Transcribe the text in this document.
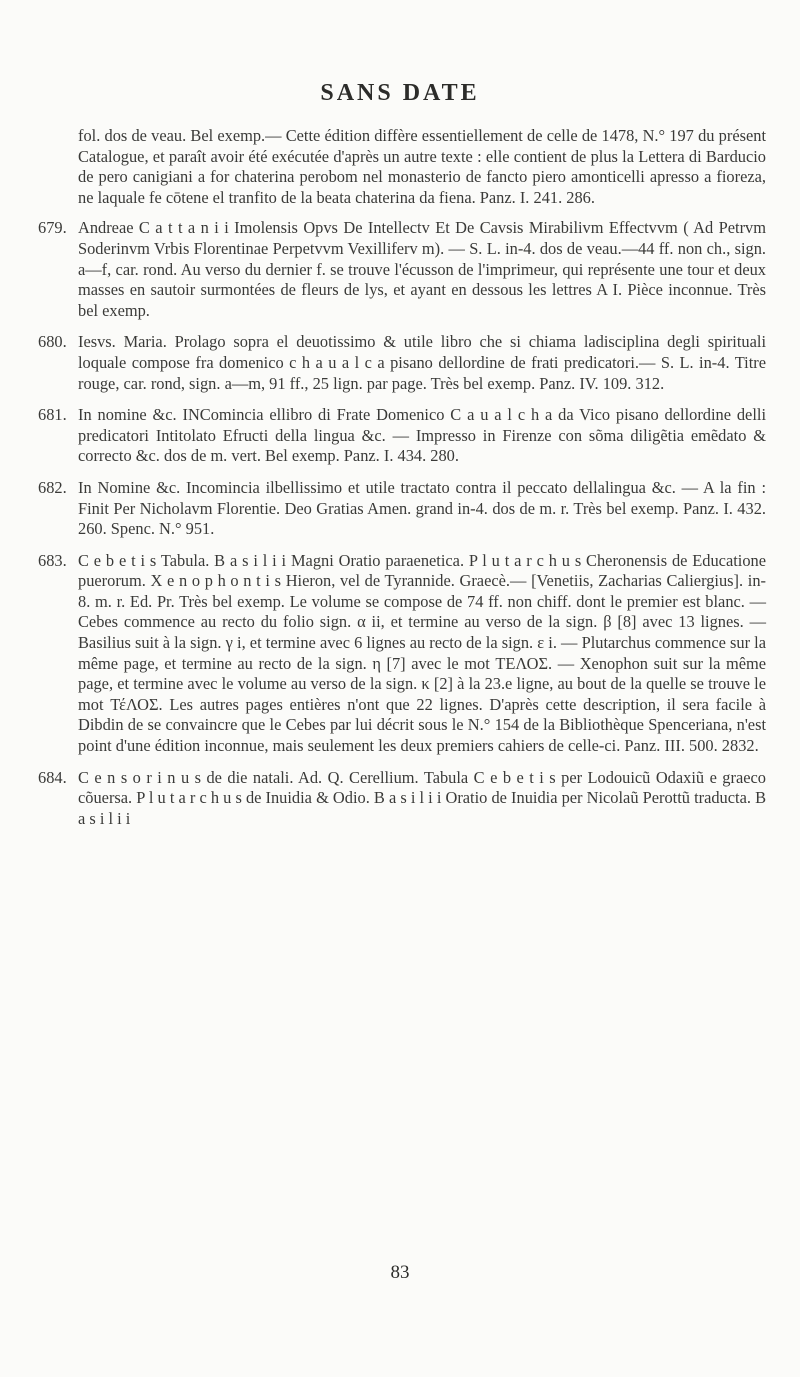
SANS DATE
fol. dos de veau. Bel exemp.— Cette édition diffère essentiellement de celle de 1478, N.° 197 du présent Catalogue, et paraît avoir été exécutée d'après un autre texte : elle contient de plus la Lettera di Barducio de pero canigiani a for chaterina perobom nel monasterio de fancto piero amonticelli apresso a fioreza, ne laquale fe cōtene el tranfito de la beata chaterina da fiena. Panz. I. 241. 286.
679. Andreae C a t t a n i i Imolensis Opvs De Intellectv Et De Cavsis Mirabilivm Effectvvm ( Ad Petrvm Soderinvm Vrbis Florentinae Perpetvvm Vexilliferv m). — S. L. in-4. dos de veau.—44 ff. non ch., sign. a—f, car. rond. Au verso du dernier f. se trouve l'écusson de l'imprimeur, qui représente une tour et deux masses en sautoir surmontées de fleurs de lys, et ayant en dessous les lettres A I. Pièce inconnue. Très bel exemp.
680. Iesvs. Maria. Prolago sopra el deuotissimo & utile libro che si chiama ladisciplina degli spirituali loquale compose fra domenico c h a u a l c a pisano dellordine de frati predicatori.— S. L. in-4. Titre rouge, car. rond, sign. a—m, 91 ff., 25 lign. par page. Très bel exemp. Panz. IV. 109. 312.
681. In nomine &c. INComincia ellibro di Frate Domenico C a u a l c h a da Vico pisano dellordine delli predicatori Intitolato Efructi della lingua &c. — Impresso in Firenze con sõma diligẽtia emẽdato & correcto &c. dos de m. vert. Bel exemp. Panz. I. 434. 280.
682. In Nomine &c. Incomincia ilbellissimo et utile tractato contra il peccato dellalingua &c. — A la fin : Finit Per Nicholavm Florentie. Deo Gratias Amen. grand in-4. dos de m. r. Très bel exemp. Panz. I. 432. 260. Spenc. N.° 951.
683. C e b e t i s Tabula. B a s i l i i Magni Oratio paraenetica. P l u t a r c h u s Cheronensis de Educatione puerorum. X e n o p h o n t i s Hieron, vel de Tyrannide. Graecè.— [Venetiis, Zacharias Caliergius]. in-8. m. r. Ed. Pr. Très bel exemp. Le volume se compose de 74 ff. non chiff. dont le premier est blanc. — Cebes commence au recto du folio sign. α ii, et termine au verso de la sign. β [8] avec 13 lignes. — Basilius suit à la sign. γ i, et termine avec 6 lignes au recto de la sign. ε i. — Plutarchus commence sur la même page, et termine au recto de la sign. η [7] avec le mot ΤΕΛΟΣ. — Xenophon suit sur la même page, et termine avec le volume au verso de la sign. κ [2] à la 23.e ligne, au bout de la quelle se trouve le mot ΤέΛΟΣ. Les autres pages entières n'ont que 22 lignes. D'après cette description, il sera facile à Dibdin de se convaincre que le Cebes par lui décrit sous le N.° 154 de la Bibliothèque Spenceriana, n'est point d'une édition inconnue, mais seulement les deux premiers cahiers de celle-ci. Panz. III. 500. 2832.
684. C e n s o r i n u s de die natali. Ad. Q. Cerellium. Tabula C e b e t i s per Lodouicũ Odaxiũ e graeco cõuersa. P l u t a r c h u s de Inuidia & Odio. B a s i l i i Oratio de Inuidia per Nicolaũ Perottũ traducta. B a s i l i i
83
